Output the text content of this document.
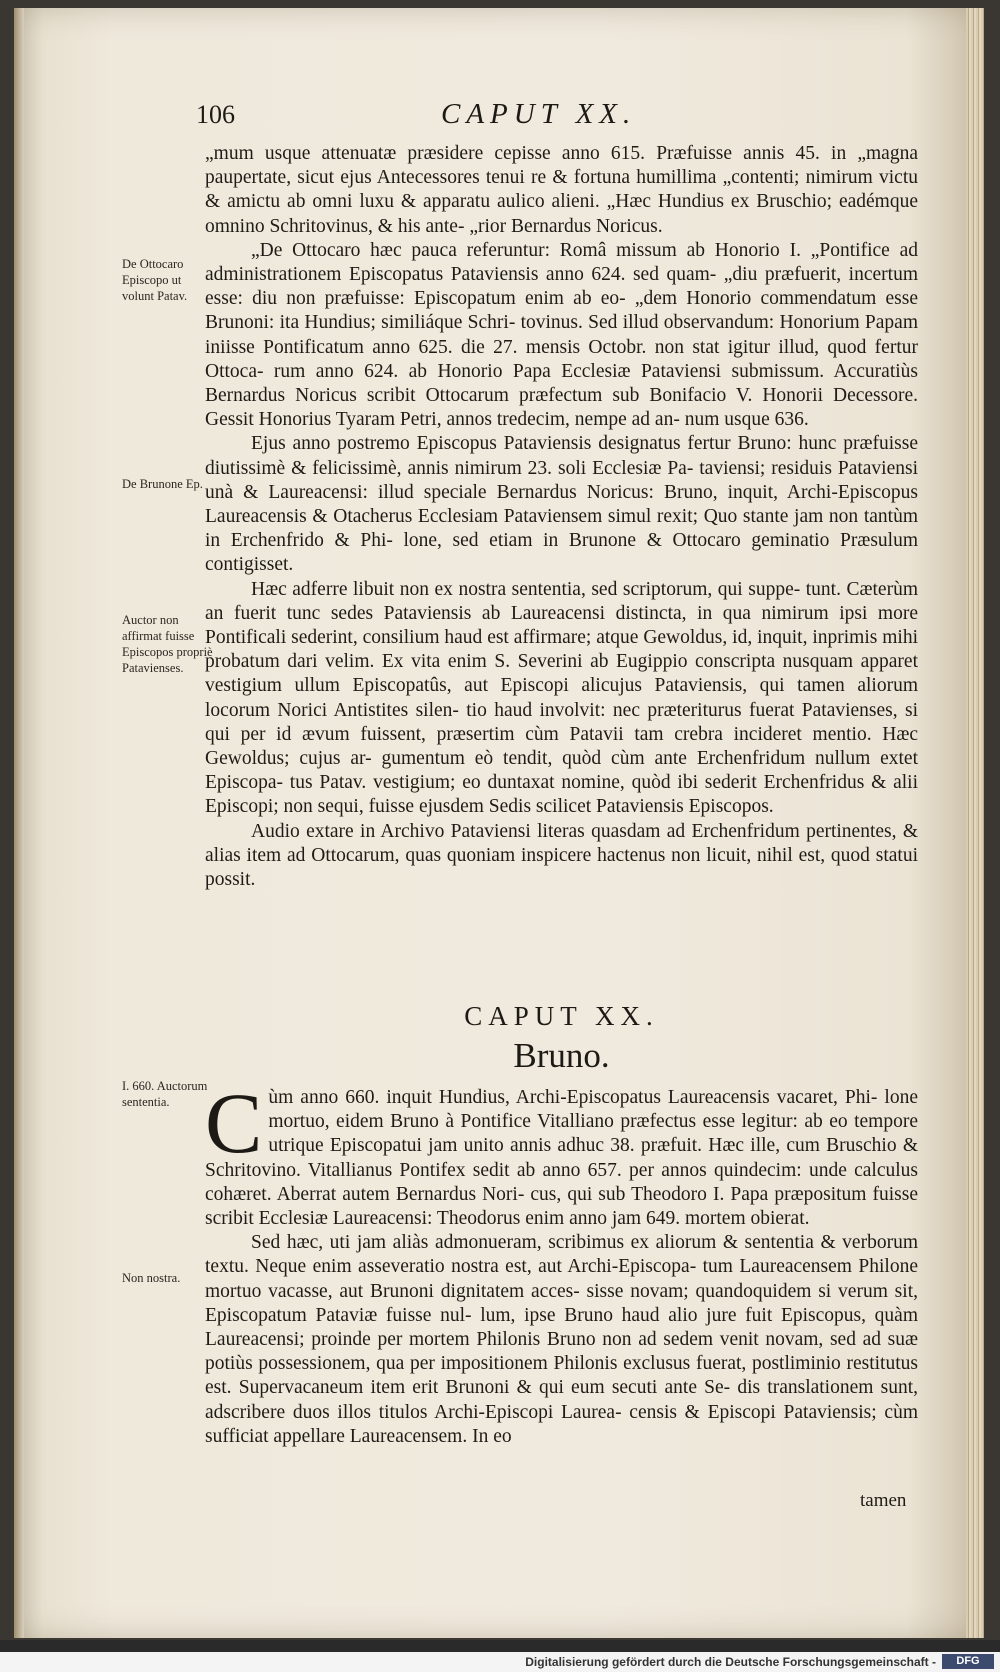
106	CAPUT XX.
De Ottocaro Episcopo ut volunt Patav.
De Brunone Ep.
Auctor non affirmat fuisse Episcopos propriè Patavienses.
I. 660. Auctorum sententia.
Non nostra.

„mum usque attenuatæ præsidere cepisse anno 615. Præfuisse annis 45. in „magna paupertate, sicut ejus Antecessores tenui re & fortuna humillima „contenti; nimirum victu & amictu ab omni luxu & apparatu aulico alieni. „Hæc Hundius ex Bruschio; eadémque omnino Schritovinus, & his ante- „rior Bernardus Noricus.

„De Ottocaro hæc pauca referuntur: Româ missum ab Honorio I. „Pontifice ad administrationem Episcopatus Pataviensis anno 624. sed quam- „diu præfuerit, incertum esse: diu non præfuisse: Episcopatum enim ab eo- „dem Honorio commendatum esse Brunoni: ita Hundius; similiáque Schri- tovinus. Sed illud observandum: Honorium Papam iniisse Pontificatum anno 625. die 27. mensis Octobr. non stat igitur illud, quod fertur Ottoca- rum anno 624. ab Honorio Papa Ecclesiæ Pataviensi submissum. Accuratiùs Bernardus Noricus scribit Ottocarum præfectum sub Bonifacio V. Honorii Decessore. Gessit Honorius Tyaram Petri, annos tredecim, nempe ad an- num usque 636.

Ejus anno postremo Episcopus Pataviensis designatus fertur Bruno: hunc præfuisse diutissimè & felicissimè, annis nimirum 23. soli Ecclesiæ Pa- taviensi; residuis Pataviensi unà & Laureacensi: illud speciale Bernardus Noricus: Bruno, inquit, Archi-Episcopus Laureacensis & Otacherus Ecclesiam Pataviensem simul rexit; Quo stante jam non tantùm in Erchenfrido & Phi- lone, sed etiam in Brunone & Ottocaro geminatio Præsulum contigisset.

Hæc adferre libuit non ex nostra sententia, sed scriptorum, qui suppe- tunt. Cæterùm an fuerit tunc sedes Pataviensis ab Laureacensi distincta, in qua nimirum ipsi more Pontificali sederint, consilium haud est affirmare; atque Gewoldus, id, inquit, inprimis mihi probatum dari velim. Ex vita enim S. Severini ab Eugippio conscripta nusquam apparet vestigium ullum Episcopatûs, aut Episcopi alicujus Pataviensis, qui tamen aliorum locorum Norici Antistites silen- tio haud involvit: nec præteriturus fuerat Patavienses, si qui per id ævum fuissent, præsertim cùm Patavii tam crebra incideret mentio. Hæc Gewoldus; cujus ar- gumentum eò tendit, quòd cùm ante Erchenfridum nullum extet Episcopa- tus Patav. vestigium; eo duntaxat nomine, quòd ibi sederit Erchenfridus & alii Episcopi; non sequi, fuisse ejusdem Sedis scilicet Pataviensis Episcopos.

Audio extare in Archivo Pataviensi literas quasdam ad Erchenfridum pertinentes, & alias item ad Ottocarum, quas quoniam inspicere hactenus non licuit, nihil est, quod statui possit.

CAPUT XX.
Bruno.

Cùm anno 660. inquit Hundius, Archi-Episcopatus Laureacensis vacaret, Phi- lone mortuo, eidem Bruno à Pontifice Vitalliano præfectus esse legitur: ab eo tempore utrique Episcopatui jam unito annis adhuc 38. præfuit. Hæc ille, cum Bruschio & Schritovino. Vitallianus Pontifex sedit ab anno 657. per annos quindecim: unde calculus cohæret. Aberrat autem Bernardus Nori- cus, qui sub Theodoro I. Papa præpositum fuisse scribit Ecclesiæ Laureacensi: Theodorus enim anno jam 649. mortem obierat.

Sed hæc, uti jam aliàs admonueram, scribimus ex aliorum & sententia & verborum textu. Neque enim asseveratio nostra est, aut Archi-Episcopa- tum Laureacensem Philone mortuo vacasse, aut Brunoni dignitatem acces- sisse novam; quandoquidem si verum sit, Episcopatum Pataviæ fuisse nul- lum, ipse Bruno haud alio jure fuit Episcopus, quàm Laureacensi; proinde per mortem Philonis Bruno non ad sedem venit novam, sed ad suæ potiùs possessionem, qua per impositionem Philonis exclusus fuerat, postliminio restitutus est. Supervacaneum item erit Brunoni & qui eum secuti ante Se- dis translationem sunt, adscribere duos illos titulos Archi-Episcopi Laurea- censis & Episcopi Pataviensis; cùm sufficiat appellare Laureacensem. In eo

tamen
Digitalisierung gefördert durch die Deutsche Forschungsgemeinschaft -	DFG
